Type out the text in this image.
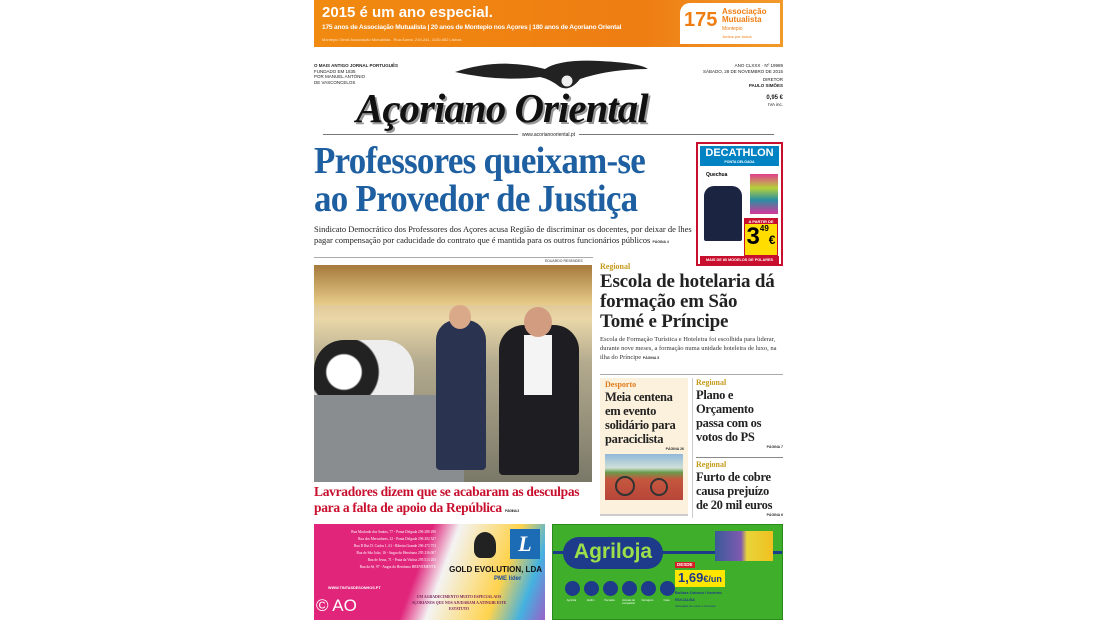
2015 é um ano especial.
175 anos de Associação Mutualista | 20 anos de Montepio nos Açores | 180 anos de Açoriano Oriental
Montepio Geral Associação Mutualista - Rua Áurea, 219-241, 1100-062 Lisboa
175 Associação Mutualista
Montepio
Juntos por todos
O MAIS ANTIGO JORNAL PORTUGUÊS
FUNDADO EM 1835
POR MANUEL ANTÓNIO
DE VASCONCELOS
Açoriano Oriental
ANO CLXXX · Nº 19989
SÁBADO, 28 DE NOVEMBRO DE 2015
DIRETOR
PAULO SIMÕES
0,95 €
IVA inc.
www.acorianooriental.pt
Professores queixam-se ao Provedor de Justiça
Sindicato Democrático dos Professores dos Açores acusa Região de discriminar os docentes, por deixar de lhes pagar compensação por caducidade do contrato que é mantida para os outros funcionários públicos PÁGINA 4
EDUARDO RESENDES
Lavradores dizem que se acabaram as desculpas para a falta de apoio da República PÁGINA 3
DECATHLON
PONTA DELGADA
Quechua
A PARTIR DE
$3^{49}€$
MAIS DE 80 MODELOS DE POLARES
Regional
Escola de hotelaria dá formação em São Tomé e Príncipe
Escola de Formação Turística e Hoteleira foi escolhida para liderar, durante nove meses, a formação numa unidade hoteleira de luxo, na ilha do Príncipe PÁGINA 5
Desporto
Meia centena em evento solidário para paraciclista
PÁGINA 26
Regional
Plano e Orçamento passa com os votos do PS
PÁGINA 7
Regional
Furto de cobre causa prejuízo de 20 mil euros
PÁGINA 6
Rua Machado dos Santos, 77 - Ponta Delgada 296 288 290
Rua dos Mercadores, 22 - Ponta Delgada 296 282 527
Rua D Rui D. Carlos 1, 61 - Ribeira Grande 296 473 753
Rua de São João, 16 - Angra do Heroísmo 295 216 007
Rua de Jesus, 71 - Praia da Vitória 295 513 205
Rua da Sé, 97 - Angra do Heroísmo BREVEMENTE
WWW.TINTASDESONHOS.PT
L
GOLD EVOLUTION, LDA
PME líder
UM AGRADECIMENTO MUITO ESPECIAL AOS AÇORIANOS QUE NOS AJUDARAM A ATINGIR ESTE ESTATUTO
© AO
Agriloja
Agrícola	Jardim	Pecuária	Animais de companhia
Ferragens	Casa
DESDE
1,69€/un
Bolbos Outono / Inverno
ROCALBA
Variedade de cores e formatos
